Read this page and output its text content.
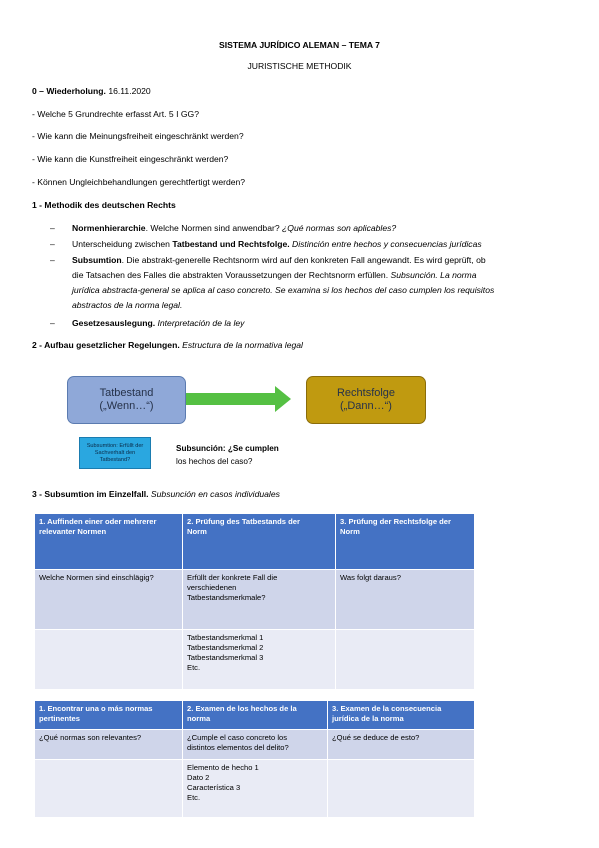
SISTEMA JURÍDICO ALEMAN – TEMA 7
JURISTISCHE METHODIK
0 – Wiederholung. 16.11.2020
- Welche 5 Grundrechte erfasst Art. 5 I GG?
- Wie kann die Meinungsfreiheit eingeschränkt werden?
- Wie kann die Kunstfreiheit eingeschränkt werden?
- Können Ungleichbehandlungen gerechtfertigt werden?
1 - Methodik des deutschen Rechts
– Normenhierarchie. Welche Normen sind anwendbar? ¿Qué normas son aplicables?
– Unterscheidung zwischen Tatbestand und Rechtsfolge. Distinción entre hechos y consecuencias jurídicas
– Subsumtion. Die abstrakt-generelle Rechtsnorm wird auf den konkreten Fall angewandt. Es wird geprüft, ob
die Tatsachen des Falles die abstrakten Voraussetzungen der Rechtsnorm erfüllen. Subsunción. La norma
jurídica abstracta-general se aplica al caso concreto. Se examina si los hechos del caso cumplen los requisitos
abstractos de la norma legal.
– Gesetzesauslegung. Interpretación de la ley
2 - Aufbau gesetzlicher Regelungen. Estructura de la normativa legal
Tatbestand
(„Wenn…“)
Rechtsfolge
(„Dann…“)
Subsumtion: Erfüllt der
Sachverhalt den
Tatbestand?
Subsunción: ¿Se cumplen
los hechos del caso?
3 - Subsumtion im Einzelfall. Subsunción en casos individuales
1. Auffinden einer oder mehrerer
relevanter Normen	2. Prüfung des Tatbestands der
Norm	3. Prüfung der Rechtsfolge der
Norm

Welche Normen sind einschlägig?	Erfüllt der konkrete Fall die
verschiedenen
Tatbestandsmerkmale?	Was folgt daraus?

	Tatbestandsmerkmal 1
Tatbestandsmerkmal 2
Tatbestandsmerkmal 3
Etc.	

1. Encontrar una o más normas
pertinentes	2. Examen de los hechos de la
norma	3. Examen de la consecuencia
jurídica de la norma

¿Qué normas son relevantes?	¿Cumple el caso concreto los
distintos elementos del delito?	¿Qué se deduce de esto?

	Elemento de hecho 1
Dato 2
Característica 3
Etc.	
